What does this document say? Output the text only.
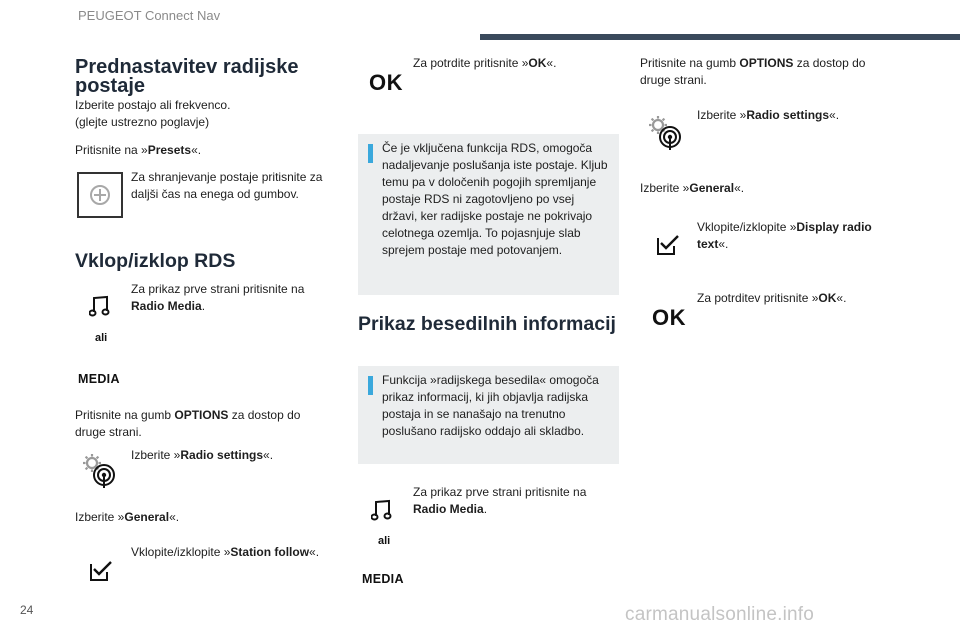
PEUGEOT Connect Nav
Prednastavitev radijske
postaje
Izberite postajo ali frekvenco.
(glejte ustrezno poglavje)
Pritisnite na »Presets«.
Za shranjevanje postaje pritisnite za
daljši čas na enega od gumbov.
Vklop/izklop RDS
Za prikaz prve strani pritisnite na
Radio Media.
ali
MEDIA
Pritisnite na gumb OPTIONS za dostop do
druge strani.
Izberite »Radio settings«.
Izberite »General«.
Vklopite/izklopite »Station follow«.
OK
Za potrdite pritisnite »OK«.
Če je vključena funkcija RDS, omogoča
nadaljevanje poslušanja iste postaje. Kljub
temu pa v določenih pogojih spremljanje
postaje RDS ni zagotovljeno po vsej
državi, ker radijske postaje ne pokrivajo
celotnega ozemlja. To pojasnjuje slab
sprejem postaje med potovanjem.
Prikaz besedilnih informacij
Funkcija »radijskega besedila« omogoča
prikaz informacij, ki jih objavlja radijska
postaja in se nanašajo na trenutno
poslušano radijsko oddajo ali skladbo.
Za prikaz prve strani pritisnite na
Radio Media.
ali
MEDIA
Pritisnite na gumb OPTIONS za dostop do
druge strani.
Izberite »Radio settings«.
Izberite »General«.
Vklopite/izklopite »Display radio
text«.
OK
Za potrditev pritisnite »OK«.
24	carmanualsonline.info
